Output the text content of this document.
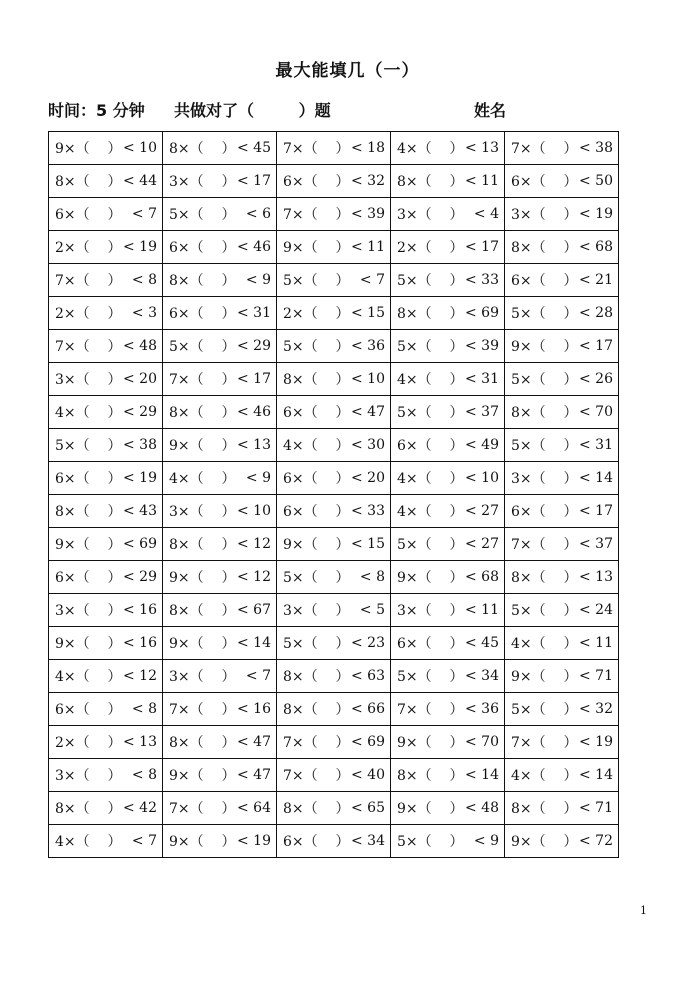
最大能填几（一）
时间：5 分钟 共做对了（        ）题	姓名
9×（    ） < 10	8×（    ） < 45	7×（    ） < 18	4×（    ） < 13	7×（    ） < 38

8×（    ） < 44	3×（    ） < 17	6×（    ） < 32	8×（    ） < 11	6×（    ） < 50

6×（    ） < 7	5×（    ） < 6	7×（    ） < 39	3×（    ） < 4	3×（    ） < 19

2×（    ） < 19	6×（    ） < 46	9×（    ） < 11	2×（    ） < 17	8×（    ） < 68

7×（    ） < 8	8×（    ） < 9	5×（    ） < 7	5×（    ） < 33	6×（    ） < 21

2×（    ） < 3	6×（    ） < 31	2×（    ） < 15	8×（    ） < 69	5×（    ） < 28

7×（    ） < 48	5×（    ） < 29	5×（    ） < 36	5×（    ） < 39	9×（    ） < 17

3×（    ） < 20	7×（    ） < 17	8×（    ） < 10	4×（    ） < 31	5×（    ） < 26

4×（    ） < 29	8×（    ） < 46	6×（    ） < 47	5×（    ） < 37	8×（    ） < 70

5×（    ） < 38	9×（    ） < 13	4×（    ） < 30	6×（    ） < 49	5×（    ） < 31

6×（    ） < 19	4×（    ） < 9	6×（    ） < 20	4×（    ） < 10	3×（    ） < 14

8×（    ） < 43	3×（    ） < 10	6×（    ） < 33	4×（    ） < 27	6×（    ） < 17

9×（    ） < 69	8×（    ） < 12	9×（    ） < 15	5×（    ） < 27	7×（    ） < 37

6×（    ） < 29	9×（    ） < 12	5×（    ） < 8	9×（    ） < 68	8×（    ） < 13

3×（    ） < 16	8×（    ） < 67	3×（    ） < 5	3×（    ） < 11	5×（    ） < 24

9×（    ） < 16	9×（    ） < 14	5×（    ） < 23	6×（    ） < 45	4×（    ） < 11

4×（    ） < 12	3×（    ） < 7	8×（    ） < 63	5×（    ） < 34	9×（    ） < 71

6×（    ） < 8	7×（    ） < 16	8×（    ） < 66	7×（    ） < 36	5×（    ） < 32

2×（    ） < 13	8×（    ） < 47	7×（    ） < 69	9×（    ） < 70	7×（    ） < 19

3×（    ） < 8	9×（    ） < 47	7×（    ） < 40	8×（    ） < 14	4×（    ） < 14

8×（    ） < 42	7×（    ） < 64	8×（    ） < 65	9×（    ） < 48	8×（    ） < 71

4×（    ） < 7	9×（    ） < 19	6×（    ） < 34	5×（    ） < 9	9×（    ） < 72
1
